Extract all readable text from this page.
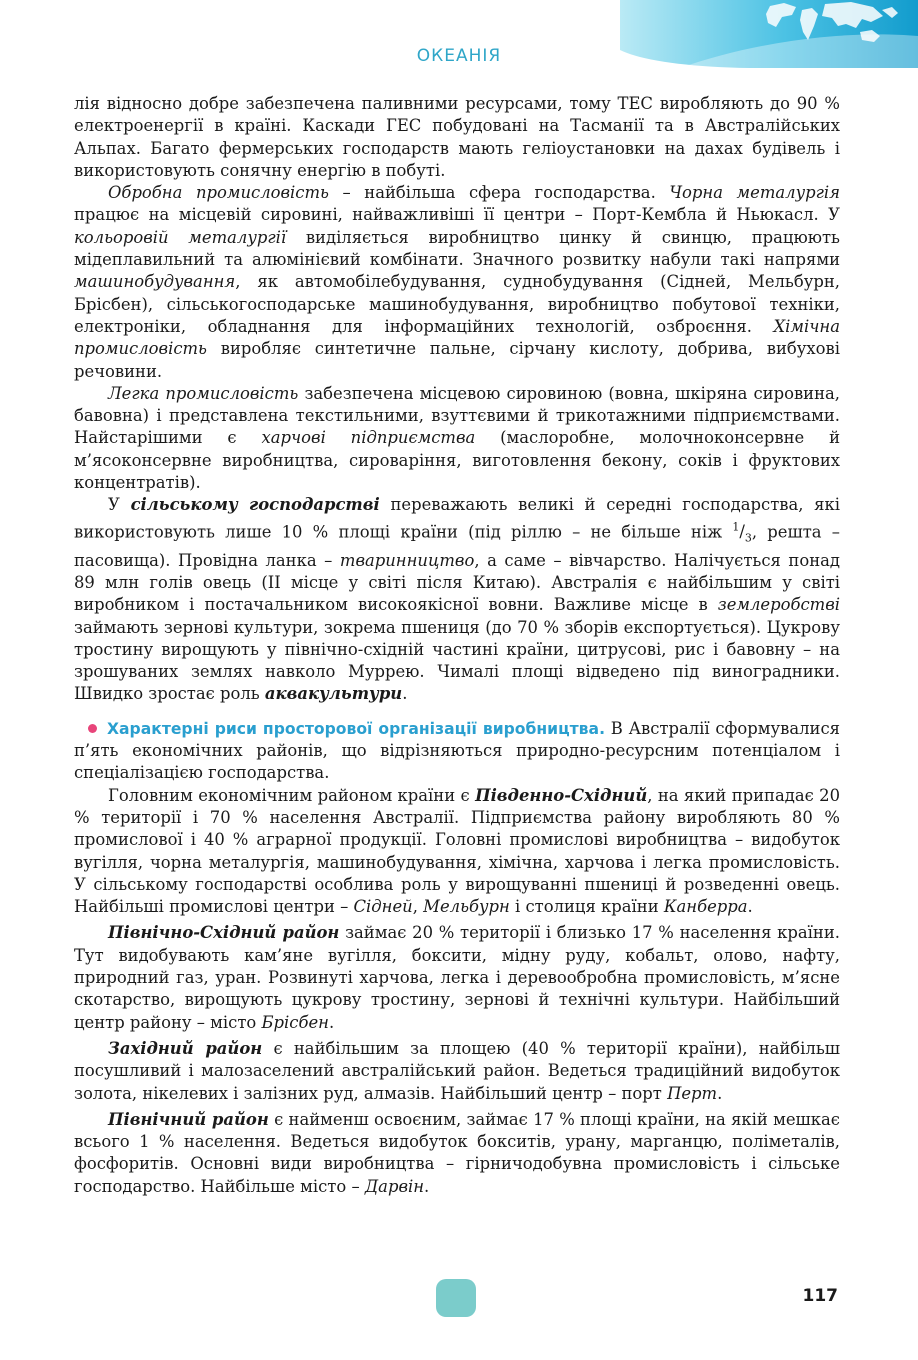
ОКЕАНІЯ

лія відносно добре забезпечена паливними ресурсами, тому ТЕС виробляють до 90 % електроенергії в країні. Каскади ГЕС побудовані на Тасманії та в Австралійських Альпах. Багато фермерських господарств мають геліоустановки на дахах будівель і використовують сонячну енергію в побуті.

Обробна промисловість – найбільша сфера господарства. Чорна металургія працює на місцевій сировині, найважливіші її центри – Порт-Кембла й Ньюкасл. У кольоровій металургії виділяється виробництво цинку й свинцю, працюють мідеплавильний та алюмінієвий комбінати. Значного розвитку набули такі напрями машинобудування, як автомобілебудування, суднобудування (Сідней, Мельбурн, Брісбен), сільськогосподарське машинобудування, виробництво побутової техніки, електроніки, обладнання для інформаційних технологій, озброєння. Хімічна промисловість виробляє синтетичне пальне, сірчану кислоту, добрива, вибухові речовини.

Легка промисловість забезпечена місцевою сировиною (вовна, шкіряна сировина, бавовна) і представлена текстильними, взуттєвими й трикотажними підприємствами. Найстарішими є харчові підприємства (маслоробне, молочноконсервне й м’ясоконсервне виробництва, сироваріння, виготовлення бекону, соків і фруктових концентратів).

У сільському господарстві переважають великі й середні господарства, які використовують лише 10 % площі країни (під ріллю – не більше ніж $^1/_3$, решта – пасовища). Провідна ланка – тваринництво, а саме – вівчарство. Налічується понад 89 млн голів овець (II місце у світі після Китаю). Австралія є найбільшим у світі виробником і постачальником високоякісної вовни. Важливе місце в землеробстві займають зернові культури, зокрема пшениця (до 70 % зборів експортується). Цукрову тростину вирощують у північно-східній частині країни, цитрусові, рис і бавовну – на зрошуваних землях навколо Муррею. Чималі площі відведено під виноградники. Швидко зростає роль аквакультури.

Характерні риси просторової організації виробництва. В Австралії сформувалися п’ять економічних районів, що відрізняються природно-ресурсним потенціалом і спеціалізацією господарства.

Головним економічним районом країни є Південно-Східний, на який припадає 20 % території і 70 % населення Австралії. Підприємства району виробляють 80 % промислової і 40 % аграрної продукції. Головні промислові виробництва – видобуток вугілля, чорна металургія, машинобудування, хімічна, харчова і легка промисловість. У сільському господарстві особлива роль у вирощуванні пшениці й розведенні овець. Найбільші промислові центри – Сідней, Мельбурн і столиця країни Канберра.

Північно-Східний район займає 20 % території і близько 17 % населення країни. Тут видобувають кам’яне вугілля, боксити, мідну руду, кобальт, олово, нафту, природний газ, уран. Розвинуті харчова, легка і деревообробна промисловість, м’ясне скотарство, вирощують цукрову тростину, зернові й технічні культури. Найбільший центр району – місто Брісбен.

Західний район є найбільшим за площею (40 % території країни), найбільш посушливий і малозаселений австралійський район. Ведеться традиційний видобуток золота, нікелевих і залізних руд, алмазів. Найбільший центр – порт Перт.

Північний район є найменш освоєним, займає 17 % площі країни, на якій мешкає всього 1 % населення. Ведеться видобуток бокситів, урану, марганцю, поліметалів, фосфоритів. Основні види виробництва – гірничодобувна промисловість і сільське господарство. Найбільше місто – Дарвін.

117
